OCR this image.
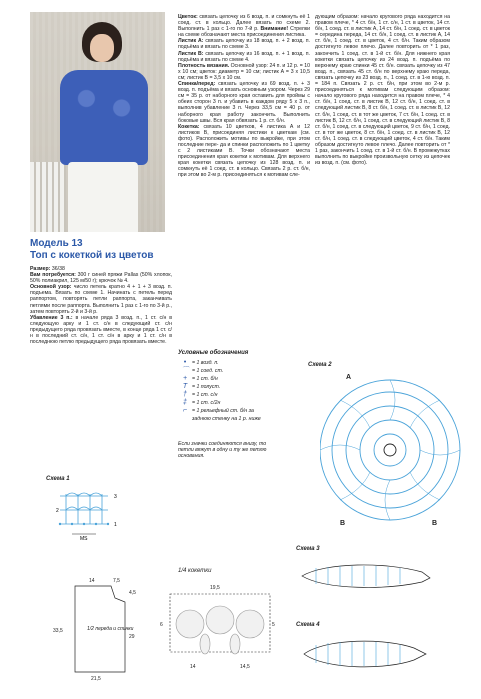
Модель 13
Топ с кокеткой из цветов

Размер: 36/38

Вам потребуется: 300 г синей пряжи Pallas (50% хлопок, 50% полиакрил, 125 м/50 г); крючок № 4.

Основной узор: число петель кратно 4 + 1 + 3 возд. п. подъема. Вязать по схеме 1. Начинать с петель перед раппортом, повторять петли раппорта, заканчивать петлями после раппорта. Выполнить 1 раз с 1-го по 3-й р., затем повторять 2-й и 3-й р.

Убавление 3 п.: в начале ряда 3 возд. п., 1 ст. с/н в следующую арку и 1 ст. с/н в следующий ст. с/н предыдущего ряда провязать вместе, в конце ряда 1 ст. с/н в последний ст. с/н, 1 ст. с/н в арку и 1 ст. с/н в последнюю петлю предыдущего ряда провязать вместе.

Цветок: связать цепочку из 6 возд. п. и сомкнуть её 1 соед. ст. в кольцо. Далее вязать по схеме 2. Выполнить 1 раз с 1-го по 7-й р. Внимание! Стрелки на схеме обозначают места присоединения листика.

Листик А: связать цепочку из 18 возд. п. + 2 возд. п. подъёма и вязать по схеме 3.

Листик В: связать цепочку из 16 возд. п. + 1 возд. п. подъёма и вязать по схеме 4.

Плотность вязания. Основной узор: 24 п. и 12 р. = 10 х 10 см; цветок: диаметр = 10 см; листик А = 3 х 10,5 см; листик В = 3,5 х 10 см.

Спинка/перед: связать цепочку из 69 возд. п. + 3 возд. п. подъёма и вязать основным узором. Через 29 см = 35 р. от наборного края оставить для проймы с обеих сторон 3 п. и убавить в каждом ряду 5 х 3 п., выполнив убавление 3 п. Через 33,5 см = 40 р. от наборного края работу закончить. Выполнить боковые швы. Вся края обвязать 1 р. ст. б/н.

Кокетка: связать 10 цветков, 4 листика А и 12 листиков В, присоединяя листики к цветкам (см. фото). Расположить мотивы по выкройке, при этом последние пере- да и спинки расположить по 1 цветку с 2 листиками В. Точки обозначают места присоединения края кокетки к мотивам. Для верхнего края кокетки связать цепочку из 128 возд. п. и сомкнуть её 1 соед. ст. в кольцо. Связать 2 р. ст. б/н, при этом во 2-м р. присоединяться к мотивам сле-

дующим образом: начало кругового ряда находится на правом плече, * 4 ст. б/н, 1 ст. с/н, 1 ст. в цветок, 14 ст. б/н, 1 соед. ст. в листик А, 14 ст. б/н, 1 соед. ст. в цветок = середина переда, 14 ст. б/н, 1 соед. ст. в листик А, 14 ст. б/н, 1 соед. ст. в цветок, 4 ст. б/н. Таким образом достигнуто левое плечо. Далее повторить от * 1 раз, закончить 1 соед. ст. в 1-й ст. б/н. Для нижнего края кокетки связать цепочку из 24 возд. п. подъёма по верхнему краю спинки 45 ст. б/н. связать цепочку из 47 возд. п., связать 45 ст. б/н по верхнему краю переда, связать цепочку из 23 возд. п., 1 соед. ст. в 1-ю возд. п. = 184 п. Связать 2 р. ст. б/н, при этом во 2-м р. присоединяться к мотивам следующим образом: начало кругового ряда находится на правом плече, * 4 ст. б/н, 1 соед. ст. в листик В, 12 ст. б/н, 1 соед. ст. в следующий листик В, 8 ст. б/н, 1 соед. ст. в листик В, 12 ст. б/н, 1 соед. ст. в тот же цветок, 7 ст. б/н, 1 соед. ст. в листик В, 12 ст. б/н, 1 соед. ст. в следующий листик В, 8 ст. б/н, 1 соед. ст. в следующий цветок, 9 ст. б/н, 1 соед. ст. в тот же цветок, 8 ст. б/н, 1 соед. ст. в листик В, 12 ст. б/н, 1 соед. ст. в следующий цветок, 4 ст. б/н. Таким образом достигнуто левое плечо. Далее повторить от * 1 раз, закончить 1 соед. ст. в 1-й ст. б/н. В промежутках выполнить по выкройке произвольную сетку из цепочек из возд. п. (см. фото).
Условные обозначения
•	= 1 возд. п.
⌒ = 1 соед. ст.
+ = 1 ст. б/н
T = 1 полуст.
† = 1 ст. с/н
‡ = 1 ст. с/2н
⌐ = 1 рельефный ст. б/н за заднюю стенку на 1 р. ниже
Если значки соединяются внизу, то петли вяжут в одну и ту же петлю основания.
Схема 1
MS
3
2
1
14	7,5
4,5
33,5
29
21,5
1/2 переда и спинки
1/4 кокетки
19,5
6	5
14	14,5
Схема 2
A
B	B
Схема 3
Схема 4
